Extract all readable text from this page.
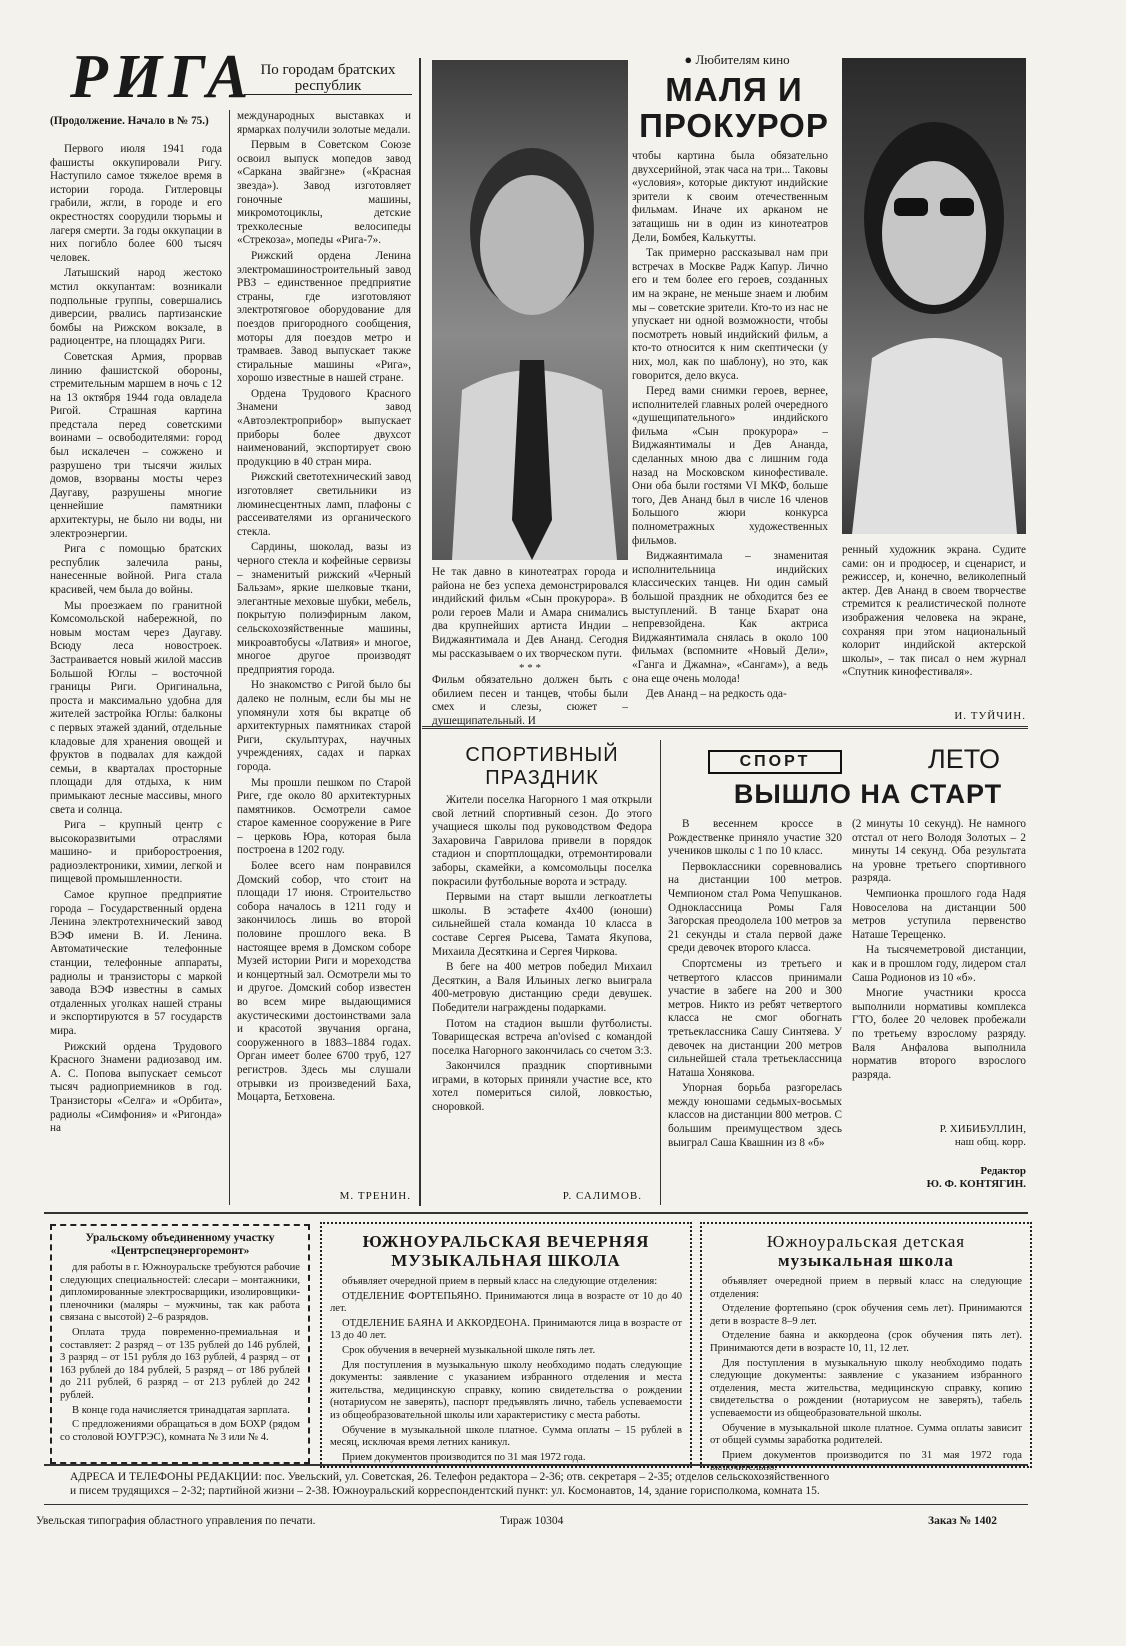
РИГА По городам братских республик
(Продолжение. Начало в № 75.)

Первого июля 1941 года фашисты оккупировали Ригу. Наступило самое тяжелое время в истории города. Гитлеровцы грабили, жгли, в городе и его окрестностях соорудили тюрьмы и лагеря смерти. За годы оккупации в них погибло более 600 тысяч человек.

Латышский народ жестоко мстил оккупантам: возникали подпольные группы, совершались диверсии, рвались партизанские бомбы на Рижском вокзале, в радиоцентре, на площадях Риги.

Советская Армия, прорвав линию фашистской обороны, стремительным маршем в ночь с 12 на 13 октября 1944 года овладела Ригой. Страшная картина предстала перед советскими воинами – освободителями: город был искалечен – сожжено и разрушено три тысячи жилых домов, взорваны мосты через Даугаву, разрушены многие ценнейшие памятники архитектуры, не было ни воды, ни электроэнергии.

Рига с помощью братских республик залечила раны, нанесенные войной. Рига стала красивей, чем была до войны.

Мы проезжаем по гранитной Комсомольской набережной, по новым мостам через Даугаву. Всюду леса новостроек. Застраивается новый жилой массив Большой Юглы – восточной границы Риги. Оригинальна, проста и максимально удобна для жителей застройка Юглы: балконы с первых этажей зданий, отдельные кладовые для хранения овощей и фруктов в подвалах для каждой семьи, в кварталах просторные площади для отдыха, к ним примыкают лесные массивы, много света и солнца.

Рига – крупный центр с высокоразвитыми отраслями машино- и приборостроения, радиоэлектроники, химии, легкой и пищевой промышленности.

Самое крупное предприятие города – Государственный ордена Ленина электротехнический завод ВЭФ имени В. И. Ленина. Автоматические телефонные станции, телефонные аппараты, радиолы и транзисторы с маркой завода ВЭФ известны в самых отдаленных уголках нашей страны и экспортируются в 57 государств мира.

Рижский ордена Трудового Красного Знамени радиозавод им. А. С. Попова выпускает семьсот тысяч радиоприемников в год. Транзисторы «Селга» и «Орбита», радиолы «Симфония» и «Ригонда» на

международных выставках и ярмарках получили золотые медали.

Первым в Советском Союзе освоил выпуск мопедов завод «Саркана звайгзне» («Красная звезда»). Завод изготовляет гоночные машины, микромотоциклы, детские трехколесные велосипеды «Стрекоза», мопеды «Рига-7».

Рижский ордена Ленина электромашиностроительный завод РВЗ – единственное предприятие страны, где изготовляют электротяговое оборудование для поездов пригородного сообщения, моторы для поездов метро и трамваев. Завод выпускает также стиральные машины «Рига», хорошо известные в нашей стране.

Ордена Трудового Красного Знамени завод «Автоэлектроприбор» выпускает приборы более двухсот наименований, экспортирует свою продукцию в 40 стран мира.

Рижский светотехнический завод изготовляет светильники из люминесцентных ламп, плафоны с рассеивателями из органического стекла.

Сардины, шоколад, вазы из черного стекла и кофейные сервизы – знаменитый рижский «Черный Бальзам», яркие шелковые ткани, элегантные меховые шубки, мебель, покрытую полиэфирным лаком, сельскохозяйственные машины, микроавтобусы «Латвия» и многое, многое другое производят предприятия города.

Но знакомство с Ригой было бы далеко не полным, если бы мы не упомянули хотя бы вкратце об архитектурных памятниках старой Риги, скульптурах, научных учреждениях, садах и парках города.

Мы прошли пешком по Старой Риге, где около 80 архитектурных памятников. Осмотрели самое старое каменное сооружение в Риге – церковь Юра, которая была построена в 1202 году.

Более всего нам понравился Домский собор, что стоит на площади 17 июня. Строительство собора началось в 1211 году и закончилось лишь во второй половине прошлого века. В настоящее время в Домском соборе Музей истории Риги и мореходства и концертный зал. Осмотрели мы то и другое. Домский собор известен во всем мире выдающимися акустическими достоинствами зала и красотой звучания органа, сооруженного в 1883–1884 годах. Орган имеет более 6700 труб, 127 регистров. Здесь мы слушали отрывки из произведений Баха, Моцарта, Бетховена.

М. ТРЕНИН.
● Любителям кино
МАЛЯ И
ПРОКУРОР
Не так давно в кинотеатрах города и района не без успеха демонстрировался индийский фильм «Сын прокурора». В роли героев Мали и Амара снимались два крупнейших артиста Индии – Виджаянтимала и Дев Ананд. Сегодня мы рассказываем о их творческом пути.
* * *
Фильм обязательно должен быть с обилием песен и танцев, чтобы были смех и слезы, сюжет – душещипательный. И

чтобы картина была обязательно двухсерийной, этак часа на три... Таковы «условия», которые диктуют индийские зрители к своим отечественным фильмам. Иначе их арканом не затащишь ни в один из кинотеатров Дели, Бомбея, Калькутты.

Так примерно рассказывал нам при встречах в Москве Радж Капур. Лично его и тем более его героев, созданных им на экране, не меньше знаем и любим мы – советские зрители. Кто-то из нас не упускает ни одной возможности, чтобы посмотреть новый индийский фильм, а кто-то относится к ним скептически (у них, мол, как по шаблону), но это, как говорится, дело вкуса.

Перед вами снимки героев, вернее, исполнителей главных ролей очередного «душещипательного» индийского фильма «Сын прокурора» – Виджаянтималы и Дев Ананда, сделанных мною два с лишним года назад на Московском кинофестивале. Они оба были гостями VI МКФ, больше того, Дев Ананд был в числе 16 членов Большого жюри конкурса полнометражных художественных фильмов.

Виджаянтимала – знаменитая исполнительница индийских классических танцев. Ни один самый большой праздник не обходится без ее выступлений. В танце Бхарат она непревзойдена. Как актриса Виджаянтимала снялась в около 100 фильмах (вспомните «Новый Дели», «Ганга и Джамна», «Сангам»), а ведь она еще очень молода!

Дев Ананд – на редкость ода-

ренный художник экрана. Судите сами: он и продюсер, и сценарист, и режиссер, и, конечно, великолепный актер. Дев Ананд в своем творчестве стремится к реалистической полноте изображения человека на экране, сохраняя при этом национальный колорит индийской актерской школы», – так писал о нем журнал «Спутник кинофестиваля».

И. ТУЙЧИН.
СПОРТИВНЫЙ
ПРАЗДНИК

Жители поселка Нагорного 1 мая открыли свой летний спортивный сезон. До этого учащиеся школы под руководством Федора Захаровича Гаврилова привели в порядок стадион и спортплощадки, отремонтировали заборы, скамейки, а комсомольцы поселка покрасили футбольные ворота и эстраду.

Первыми на старт вышли легкоатлеты школы. В эстафете 4х400 (юноши) сильнейшей стала команда 10 класса в составе Сергея Рысева, Тамата Якупова, Михаила Десяткина и Сергея Чиркова.

В беге на 400 метров победил Михаил Десяткин, а Валя Ильиных легко выиграла 400-метровую дистанцию среди девушек. Победители награждены подарками.

Потом на стадион вышли футболисты. Товарищеская встреча an'ovised с командой поселка Нагорного закончилась со счетом 3:3.

Закончился праздник спортивными играми, в которых приняли участие все, кто хотел помериться силой, ловкостью, сноровкой.

Р. САЛИМОВ.
СПОРТ	ЛЕТО
ВЫШЛО НА СТАРТ

В весеннем кроссе в Рождественке приняло участие 320 учеников школы с 1 по 10 класс.

Первоклассники соревновались на дистанции 100 метров. Чемпионом стал Рома Чепушканов. Одноклассница Ромы Галя Загорская преодолела 100 метров за 21 секунды и стала первой даже среди девочек второго класса.

Спортсмены из третьего и четвертого классов принимали участие в забеге на 200 и 300 метров. Никто из ребят четвертого класса не смог обогнать третьеклассника Сашу Синтяева. У девочек на дистанции 200 метров сильнейшей стала третьеклассница Наташа Хонякова.

Упорная борьба разгорелась между юношами седьмых-восьмых классов на дистанции 800 метров. С большим преимуществом здесь выиграл Саша Квашнин из 8 «б»

(2 минуты 10 секунд). Не намного отстал от него Володя Золотых – 2 минуты 14 секунд. Оба результата на уровне третьего спортивного разряда.

Чемпионка прошлого года Надя Новоселова на дистанции 500 метров уступила первенство Наташе Терещенко.

На тысячеметровой дистанции, как и в прошлом году, лидером стал Саша Родионов из 10 «б».

Многие участники кросса выполнили нормативы комплекса ГТО, более 20 человек пробежали по третьему взрослому разряду. Валя Анфалова выполнила норматив второго взрослого разряда.

Р. ХИБИБУЛЛИН,
наш общ. корр.
Редактор
Ю. Ф. КОНТЯГИН.
Уральскому объединенному участку
«Центрспецэнергоремонт»

для работы в г. Южноуральске требуются рабочие следующих специальностей: слесари – монтажники, дипломированные электросварщики, изолировщики-пленочники (маляры – мужчины, так как работа связана с высотой) 2–6 разрядов.

Оплата труда повременно-премиальная и составляет: 2 разряд – от 135 рублей до 146 рублей, 3 разряд – от 151 рубля до 163 рублей, 4 разряд – от 163 рублей до 184 рублей, 5 разряд – от 186 рублей до 211 рублей, 6 разряд – от 213 рублей до 242 рублей.

В конце года начисляется тринадцатая зарплата.

С предложениями обращаться в дом БОХР (рядом со столовой ЮУГРЭС), комната № 3 или № 4.

ЮЖНОУРАЛЬСКАЯ ВЕЧЕРНЯЯ
МУЗЫКАЛЬНАЯ ШКОЛА

объявляет очередной прием в первый класс на следующие отделения:

ОТДЕЛЕНИЕ ФОРТЕПЬЯНО. Принимаются лица в возрасте от 10 до 40 лет.

ОТДЕЛЕНИЕ БАЯНА И АККОРДЕОНА. Принимаются лица в возрасте от 13 до 40 лет.

Срок обучения в вечерней музыкальной школе пять лет.

Для поступления в музыкальную школу необходимо подать следующие документы: заявление с указанием избранного отделения и места жительства, медицинскую справку, копию свидетельства о рождении (нотариусом не заверять), паспорт предъявлять лично, табель успеваемости из общеобразовательной школы или характеристику с места работы.

Обучение в музыкальной школе платное. Сумма оплаты – 15 рублей в месяц, исключая время летних каникул.

Прием документов производится по 31 мая 1972 года.

Южноуральская детская
музыкальная школа

объявляет очередной прием в первый класс на следующие отделения:

Отделение фортепьяно (срок обучения семь лет). Принимаются дети в возрасте 8–9 лет.

Отделение баяна и аккордеона (срок обучения пять лет). Принимаются дети в возрасте 10, 11, 12 лет.

Для поступления в музыкальную школу необходимо подать следующие документы: заявление с указанием избранного отделения, места жительства, медицинскую справку, копию свидетельства о рождении (нотариусом не заверять), табель успеваемости из общеобразовательной школы.

Обучение в музыкальной школе платное. Сумма оплаты зависит от общей суммы заработка родителей.

Прием документов производится по 31 мая 1972 года включительно.

АДРЕСА И ТЕЛЕФОНЫ РЕДАКЦИИ: пос. Увельский, ул. Советская, 26. Телефон редактора – 2-36; отв. секретаря – 2-35; отделов сельскохозяйственного
и писем трудящихся – 2-32; партийной жизни – 2-38. Южноуральский корреспондентский пункт: ул. Космонавтов, 14, здание горисполкома, комната 15.
Увельская типография областного управления по печати.	Тираж 10304	Заказ № 1402
